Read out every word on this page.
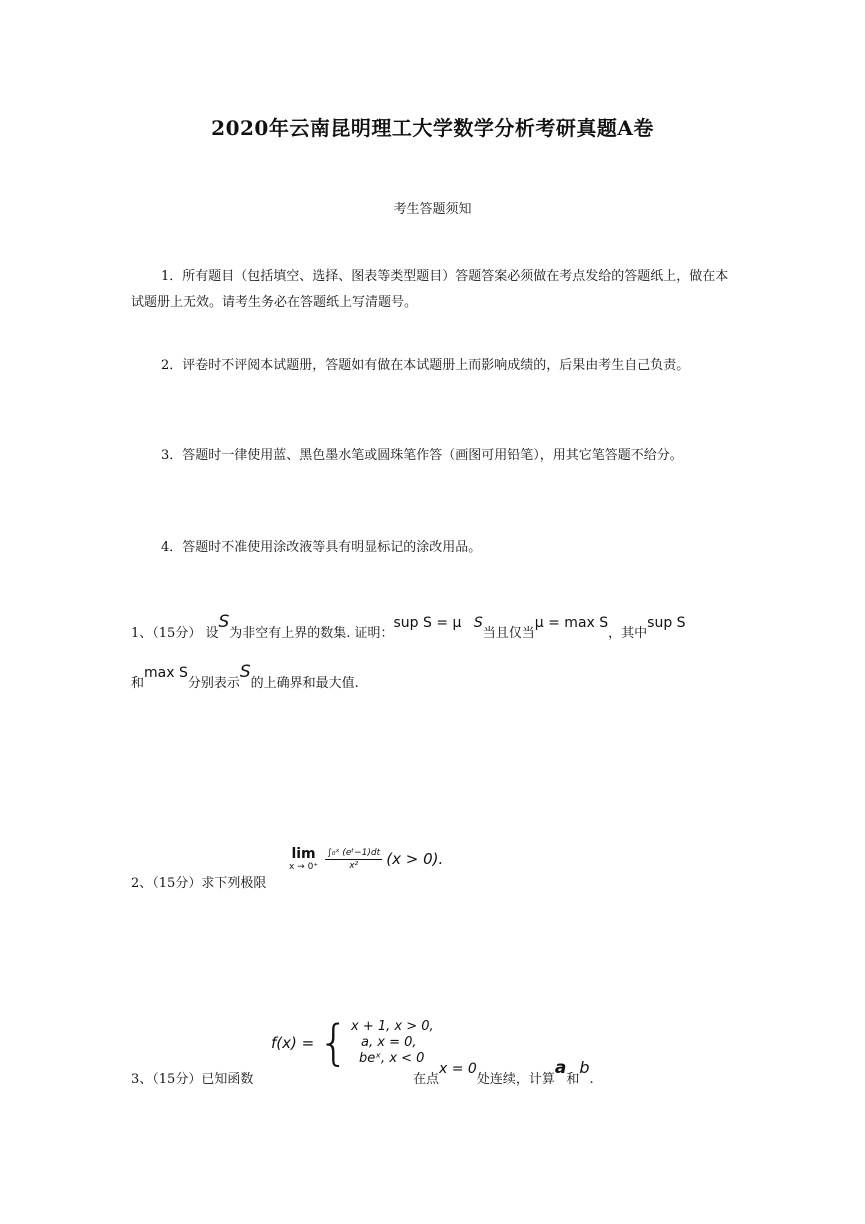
2020年云南昆明理工大学数学分析考研真题A卷
考生答题须知
1．所有题目（包括填空、选择、图表等类型题目）答题答案必须做在考点发给的答题纸上，做在本试题册上无效。请考生务必在答题纸上写清题号。
2．评卷时不评阅本试题册，答题如有做在本试题册上而影响成绩的，后果由考生自己负责。
3．答题时一律使用蓝、黑色墨水笔或圆珠笔作答（画图可用铅笔），用其它笔答题不给分。
4．答题时不准使用涂改液等具有明显标记的涂改用品。
1、（15分） 设S为非空有上界的数集. 证明：sup S = μ S当且仅当μ = max S，其中sup S
和max S分别表示S的上确界和最大值.
2、（15分）求下列极限
lim
x → 0⁺
$\frac{\text{∫₀ˣ (eᵗ−1)dt}}{\text{x²}} (x > 0)$.
3、（15分）已知函数
f(x) = { x + 1, x > 0,
a, x = 0,
beˣ, x < 0
在点x = 0处连续，计算a和b.
